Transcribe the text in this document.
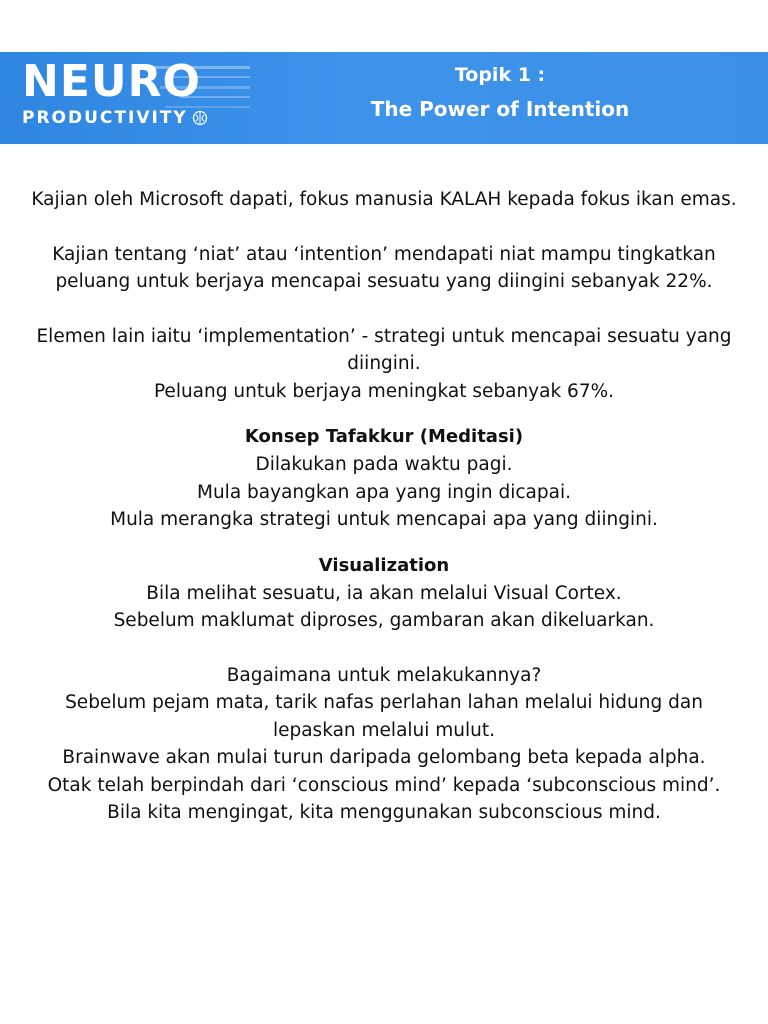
NEURO
PRODUCTIVITY
Topik 1 :
The Power of Intention

Kajian oleh Microsoft dapati, fokus manusia KALAH kepada fokus ikan emas.

Kajian tentang ‘niat’ atau ‘intention’ mendapati niat mampu tingkatkan peluang untuk berjaya mencapai sesuatu yang diingini sebanyak 22%.

Elemen lain iaitu ‘implementation’ - strategi untuk mencapai sesuatu yang diingini.

Peluang untuk berjaya meningkat sebanyak 67%.

Konsep Tafakkur (Meditasi)

Dilakukan pada waktu pagi.

Mula bayangkan apa yang ingin dicapai.

Mula merangka strategi untuk mencapai apa yang diingini.

Visualization

Bila melihat sesuatu, ia akan melalui Visual Cortex.

Sebelum maklumat diproses, gambaran akan dikeluarkan.

Bagaimana untuk melakukannya?

Sebelum pejam mata, tarik nafas perlahan lahan melalui hidung dan lepaskan melalui mulut.

Brainwave akan mulai turun daripada gelombang beta kepada alpha.

Otak telah berpindah dari ‘conscious mind’ kepada ‘subconscious mind’.

Bila kita mengingat, kita menggunakan subconscious mind.
